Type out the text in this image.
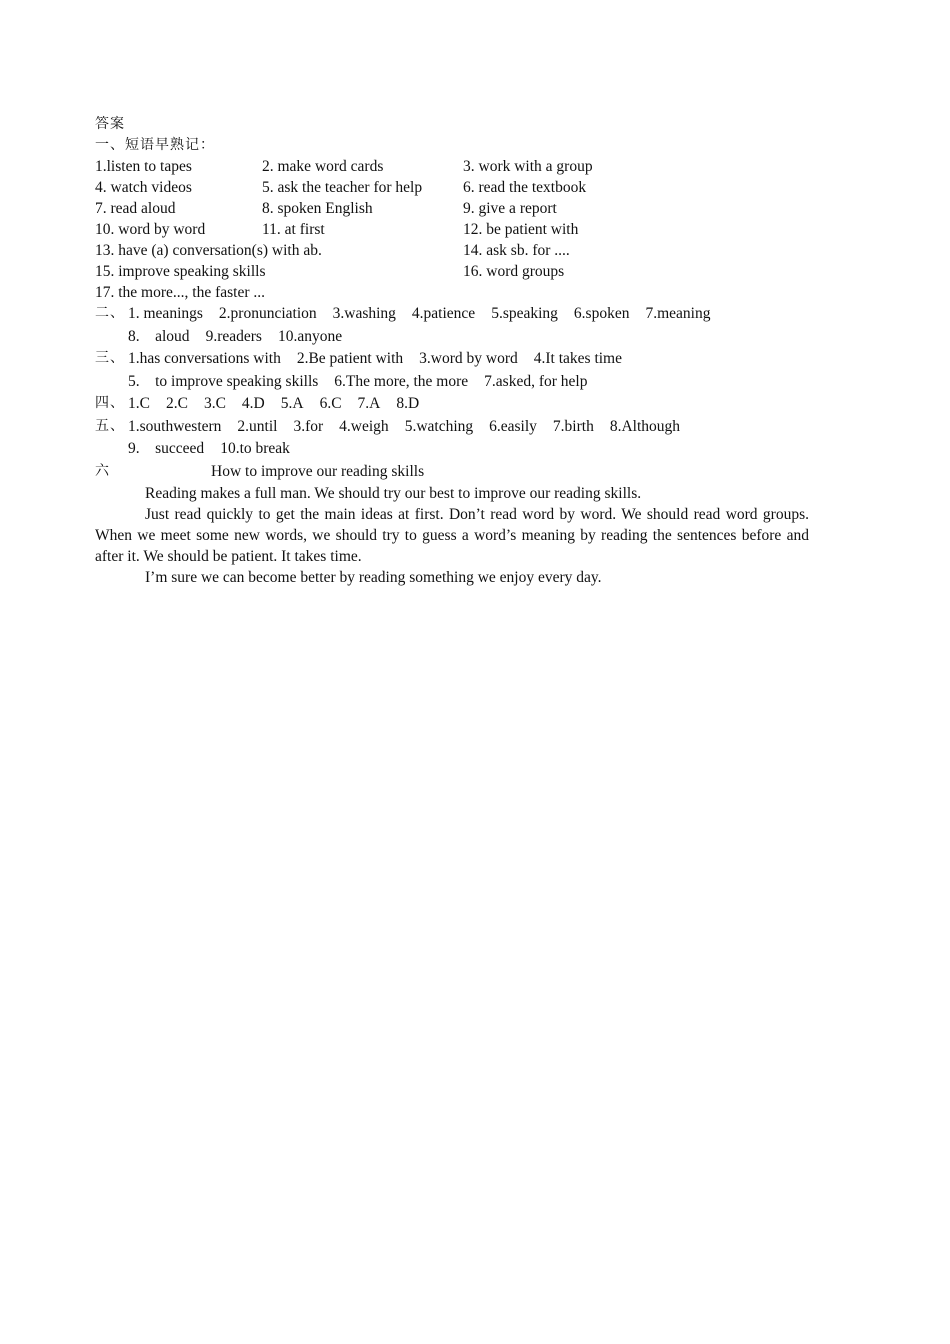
答案
一、短语早熟记：
1.listen to tapes	2. make word cards	3. work with a group
4. watch videos	5. ask the teacher for help	6. read the textbook
7. read aloud	8. spoken English	9. give a report
10. word by word	11. at first	12. be patient with
13. have (a) conversation(s) with ab.	14. ask sb. for ....
15. improve speaking skills	16. word groups
17. the more..., the faster ...
二、 1. meanings 2.pronunciation 3.washing 4.patience 5.speaking 6.spoken 7.meaning
8.　aloud 9.readers 10.anyone
三、 1.has conversations with 2.Be patient with 3.word by word 4.It takes time
5.　to improve speaking skills 6.The more, the more 7.asked, for help
四、 1.C 2.C 3.C 4.D 5.A 6.C 7.A 8.D
五、 1.southwestern 2.until 3.for 4.weigh 5.watching 6.easily 7.birth 8.Although
9.　succeed 10.to break
六	How to improve our reading skills

Reading makes a full man. We should try our best to improve our reading skills.

Just read quickly to get the main ideas at first. Don’t read word by word. We should read word groups. When we meet some new words, we should try to guess a word’s meaning by reading the sentences before and after it. We should be patient. It takes time.

I’m sure we can become better by reading something we enjoy every day.
